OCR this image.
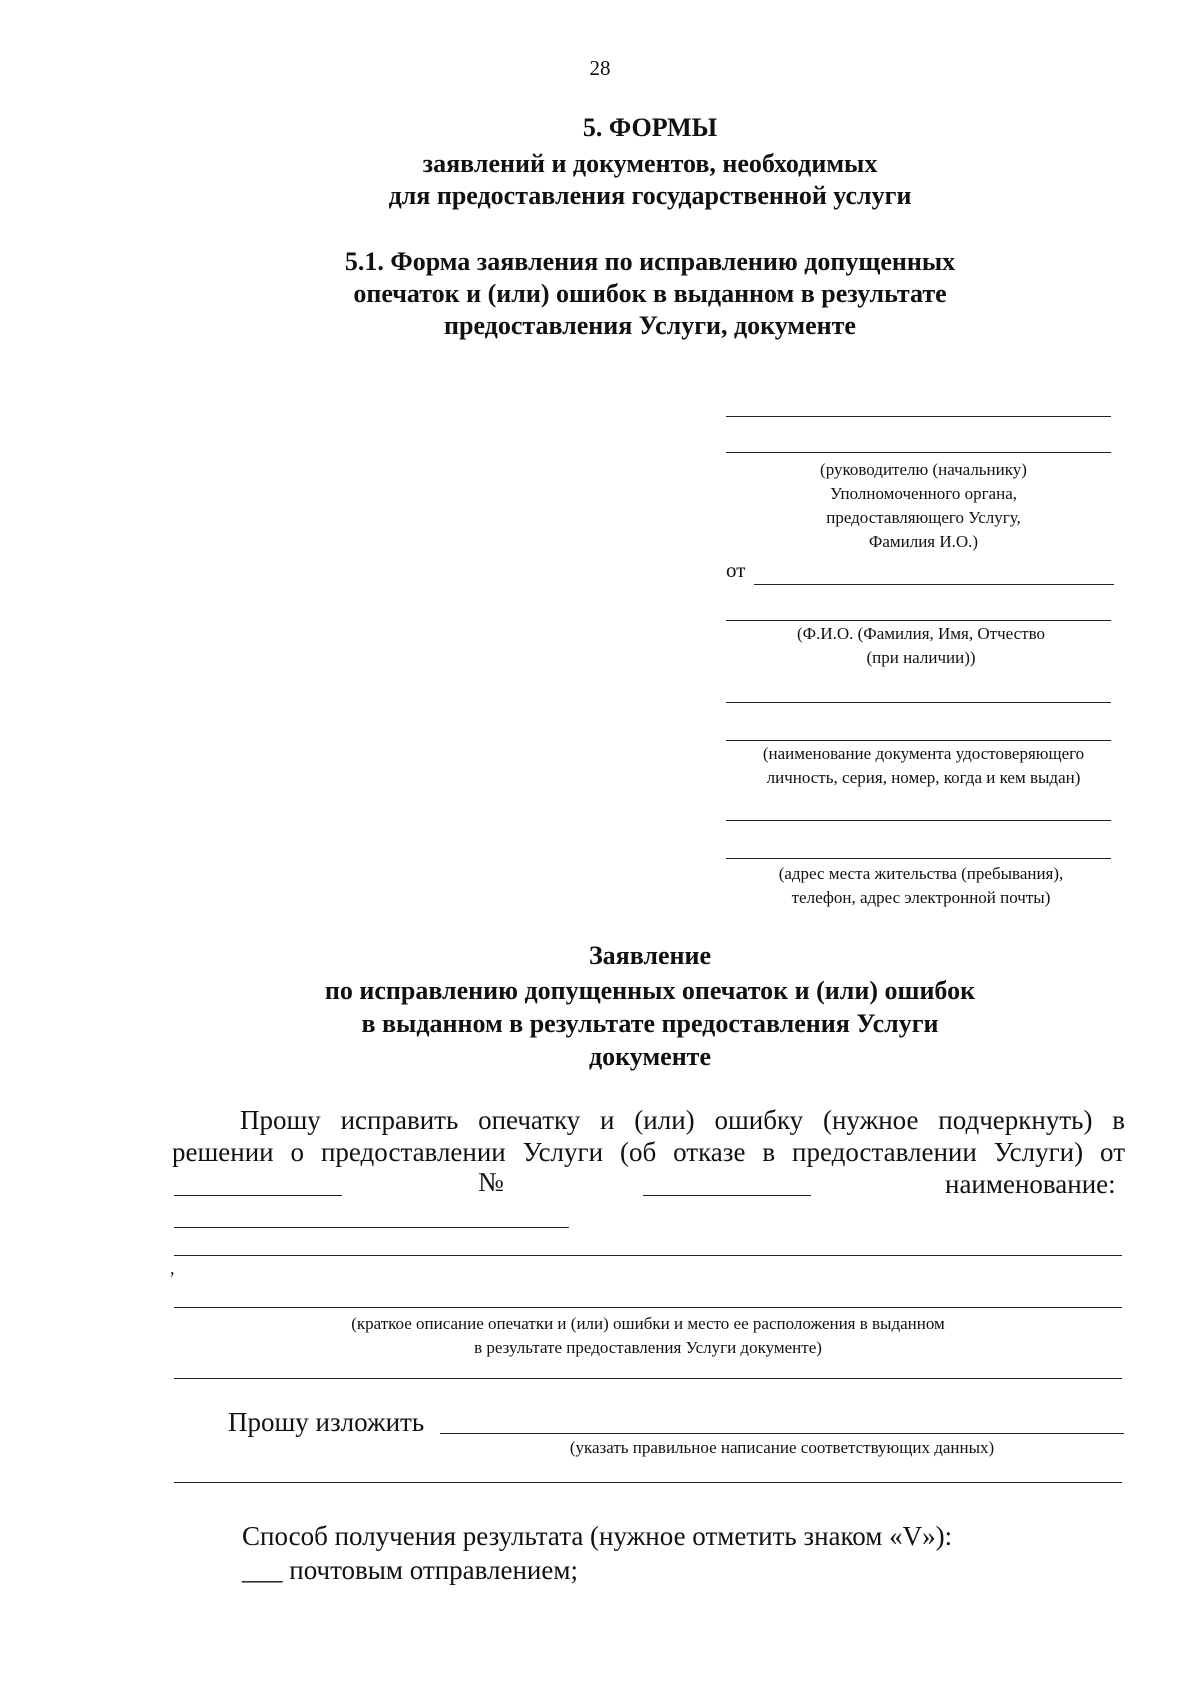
28
5. ФОРМЫ
заявлений и документов, необходимых
для предоставления государственной услуги
5.1. Форма заявления по исправлению допущенных
опечаток и (или) ошибок в выданном в результате
предоставления Услуги, документе
(руководителю (начальнику)
Уполномоченного органа,
предоставляющего Услугу,
Фамилия И.О.)
от
(Ф.И.О. (Фамилия, Имя, Отчество
(при наличии))
(наименование документа удостоверяющего
личность, серия, номер, когда и кем выдан)
(адрес места жительства (пребывания),
телефон, адрес электронной почты)
Заявление
по исправлению допущенных опечаток и (или) ошибок
в выданном в результате предоставления Услуги
документе
Прошу исправить опечатку и (или) ошибку (нужное подчеркнуть) в
решении о предоставлении Услуги (об отказе в предоставлении Услуги) от
№	наименование:
,
(краткое описание опечатки и (или) ошибки и место ее расположения в выданном
в результате предоставления Услуги документе)
Прошу изложить
(указать правильное написание соответствующих данных)
Способ получения результата (нужное отметить знаком «V»):
___ почтовым отправлением;
